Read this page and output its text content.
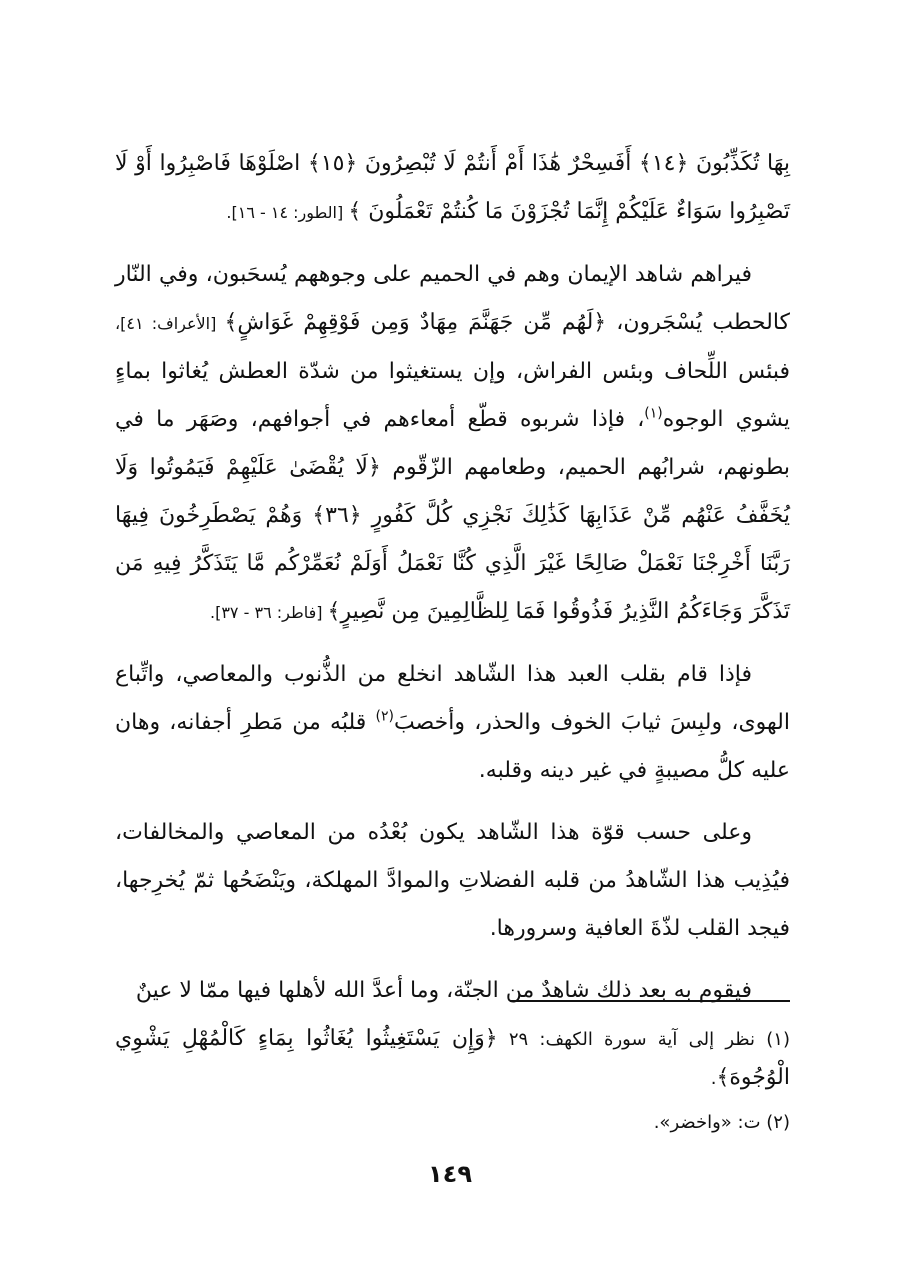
بِهَا تُكَذِّبُونَ ﴿١٤﴾ أَفَسِحْرٌ هَٰذَا أَمْ أَنتُمْ لَا تُبْصِرُونَ ﴿١٥﴾ اصْلَوْهَا فَاصْبِرُوا أَوْ لَا تَصْبِرُوا سَوَاءٌ عَلَيْكُمْ إِنَّمَا تُجْزَوْنَ مَا كُنتُمْ تَعْمَلُونَ ﴾ [الطور: ١٤ - ١٦].

فيراهم شاهد الإيمان وهم في الحميم على وجوههم يُسحَبون، وفي النّار كالحطب يُسْجَرون، ﴿لَهُم مِّن جَهَنَّمَ مِهَادٌ وَمِن فَوْقِهِمْ غَوَاشٍ﴾ [الأعراف: ٤١]، فبئس اللِّحاف وبئس الفراش، وإن يستغيثوا من شدّة العطش يُغاثوا بماءٍ يشوي الوجوه$^{(١)}$، فإذا شربوه قطّع أمعاءهم في أجوافهم، وصَهَر ما في بطونهم، شرابُهم الحميم، وطعامهم الزّقّوم ﴿لَا يُقْضَىٰ عَلَيْهِمْ فَيَمُوتُوا وَلَا يُخَفَّفُ عَنْهُم مِّنْ عَذَابِهَا كَذَٰلِكَ نَجْزِي كُلَّ كَفُورٍ ﴿٣٦﴾ وَهُمْ يَصْطَرِخُونَ فِيهَا رَبَّنَا أَخْرِجْنَا نَعْمَلْ صَالِحًا غَيْرَ الَّذِي كُنَّا نَعْمَلُ أَوَلَمْ نُعَمِّرْكُم مَّا يَتَذَكَّرُ فِيهِ مَن تَذَكَّرَ وَجَاءَكُمُ النَّذِيرُ فَذُوقُوا فَمَا لِلظَّالِمِينَ مِن نَّصِيرٍ﴾ [فاطر: ٣٦ - ٣٧].

فإذا قام بقلب العبد هذا الشّاهد انخلع من الذُّنوب والمعاصي، واتِّباع الهوى، ولبِسَ ثيابَ الخوف والحذر، وأخصبَ$^{(٢)}$ قلبُه من مَطرِ أجفانه، وهان عليه كلُّ مصيبةٍ في غير دينه وقلبه.

وعلى حسب قوّة هذا الشّاهد يكون بُعْدُه من المعاصي والمخالفات، فيُذِيب هذا الشّاهدُ من قلبه الفضلاتِ والموادَّ المهلكة، ويَنْضَحُها ثمّ يُخرِجها، فيجد القلب لذّةَ العافية وسرورها.

فيقوم به بعد ذلك شاهدٌ من الجنّة، وما أعدَّ الله لأهلها فيها ممّا لا عينٌ

(١) نظر إلى آية سورة الكهف: ٢٩ ﴿وَإِن يَسْتَغِيثُوا يُغَاثُوا بِمَاءٍ كَالْمُهْلِ يَشْوِي الْوُجُوهَ﴾.

(٢) ت: «واخضر».

١٤٩
